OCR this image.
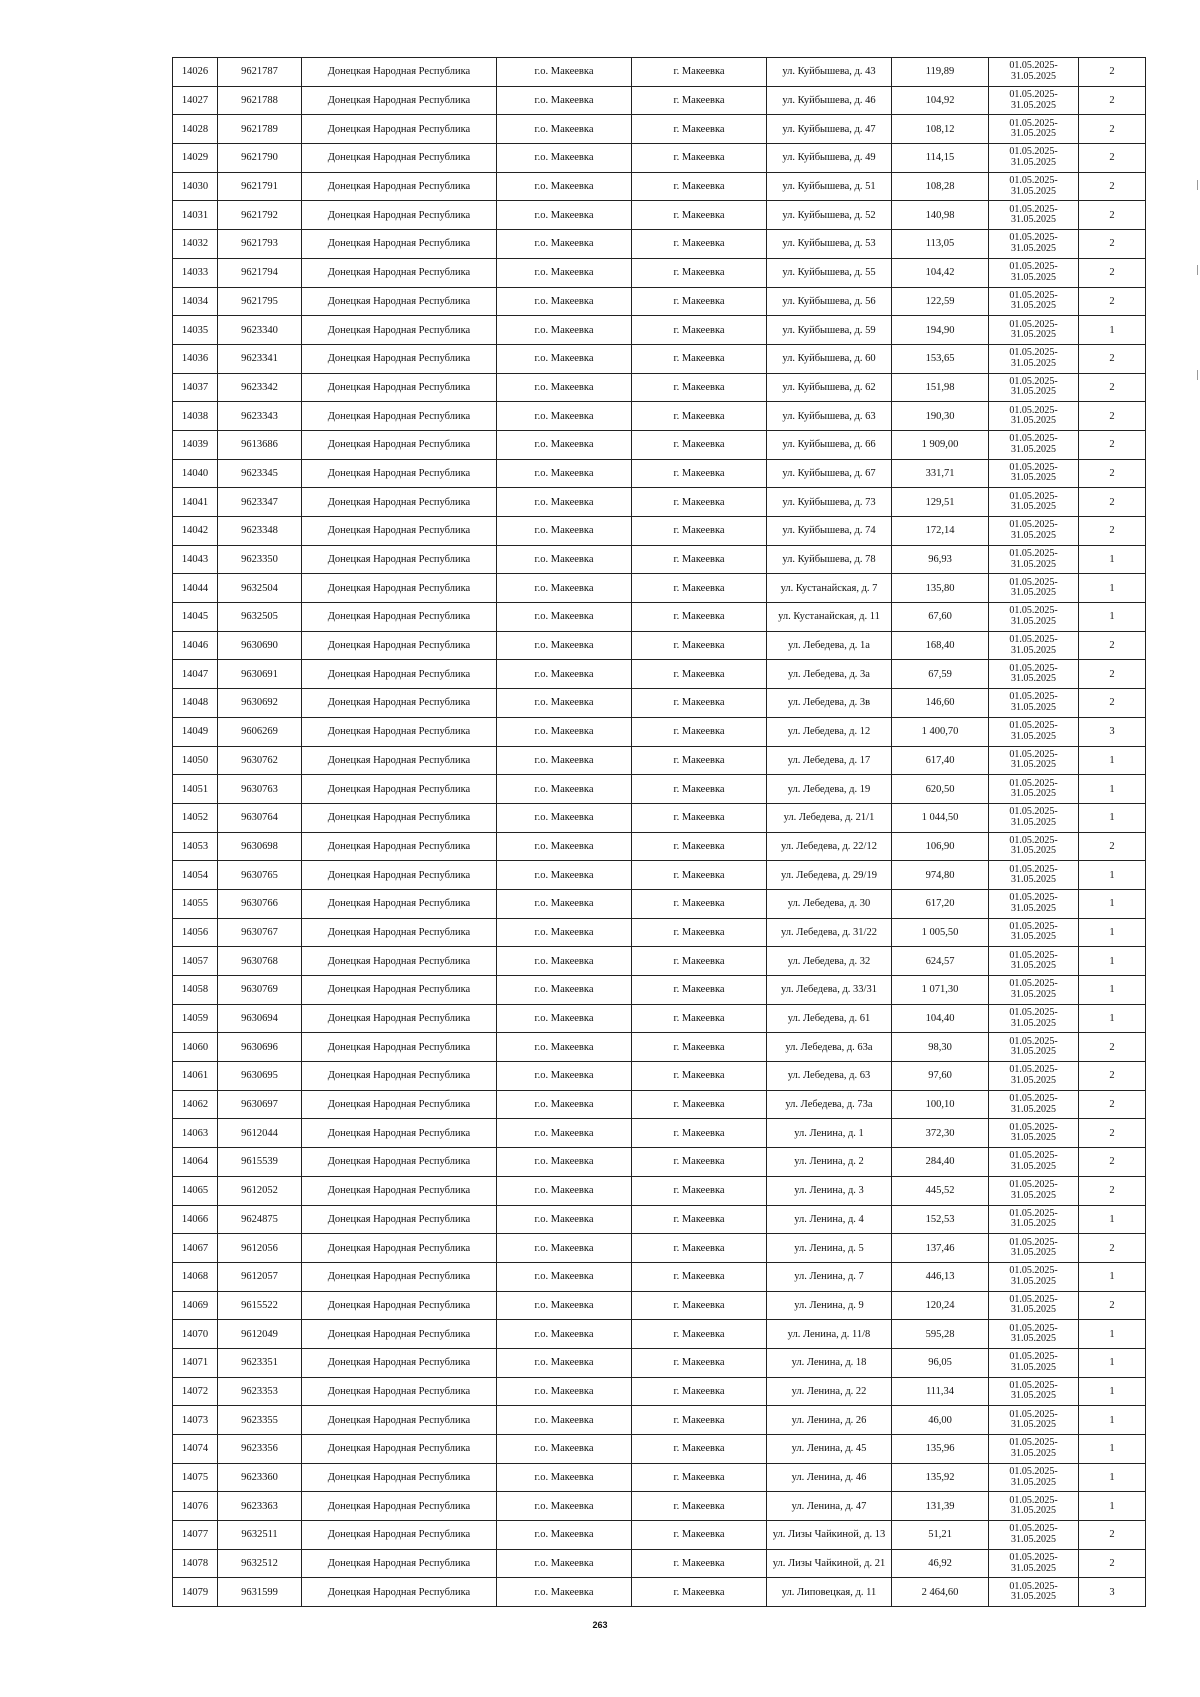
14026	9621787	Донецкая Народная Республика	г.о. Макеевка	г. Макеевка	ул. Куйбышева, д. 43	119,89	01.05.2025-
31.05.2025	2
14027	9621788	Донецкая Народная Республика	г.о. Макеевка	г. Макеевка	ул. Куйбышева, д. 46	104,92	01.05.2025-
31.05.2025	2
14028	9621789	Донецкая Народная Республика	г.о. Макеевка	г. Макеевка	ул. Куйбышева, д. 47	108,12	01.05.2025-
31.05.2025	2
14029	9621790	Донецкая Народная Республика	г.о. Макеевка	г. Макеевка	ул. Куйбышева, д. 49	114,15	01.05.2025-
31.05.2025	2
14030	9621791	Донецкая Народная Республика	г.о. Макеевка	г. Макеевка	ул. Куйбышева, д. 51	108,28	01.05.2025-
31.05.2025	2
14031	9621792	Донецкая Народная Республика	г.о. Макеевка	г. Макеевка	ул. Куйбышева, д. 52	140,98	01.05.2025-
31.05.2025	2
14032	9621793	Донецкая Народная Республика	г.о. Макеевка	г. Макеевка	ул. Куйбышева, д. 53	113,05	01.05.2025-
31.05.2025	2
14033	9621794	Донецкая Народная Республика	г.о. Макеевка	г. Макеевка	ул. Куйбышева, д. 55	104,42	01.05.2025-
31.05.2025	2
14034	9621795	Донецкая Народная Республика	г.о. Макеевка	г. Макеевка	ул. Куйбышева, д. 56	122,59	01.05.2025-
31.05.2025	2
14035	9623340	Донецкая Народная Республика	г.о. Макеевка	г. Макеевка	ул. Куйбышева, д. 59	194,90	01.05.2025-
31.05.2025	1
14036	9623341	Донецкая Народная Республика	г.о. Макеевка	г. Макеевка	ул. Куйбышева, д. 60	153,65	01.05.2025-
31.05.2025	2
14037	9623342	Донецкая Народная Республика	г.о. Макеевка	г. Макеевка	ул. Куйбышева, д. 62	151,98	01.05.2025-
31.05.2025	2
14038	9623343	Донецкая Народная Республика	г.о. Макеевка	г. Макеевка	ул. Куйбышева, д. 63	190,30	01.05.2025-
31.05.2025	2
14039	9613686	Донецкая Народная Республика	г.о. Макеевка	г. Макеевка	ул. Куйбышева, д. 66	1 909,00	01.05.2025-
31.05.2025	2
14040	9623345	Донецкая Народная Республика	г.о. Макеевка	г. Макеевка	ул. Куйбышева, д. 67	331,71	01.05.2025-
31.05.2025	2
14041	9623347	Донецкая Народная Республика	г.о. Макеевка	г. Макеевка	ул. Куйбышева, д. 73	129,51	01.05.2025-
31.05.2025	2
14042	9623348	Донецкая Народная Республика	г.о. Макеевка	г. Макеевка	ул. Куйбышева, д. 74	172,14	01.05.2025-
31.05.2025	2
14043	9623350	Донецкая Народная Республика	г.о. Макеевка	г. Макеевка	ул. Куйбышева, д. 78	96,93	01.05.2025-
31.05.2025	1
14044	9632504	Донецкая Народная Республика	г.о. Макеевка	г. Макеевка	ул. Кустанайская, д. 7	135,80	01.05.2025-
31.05.2025	1
14045	9632505	Донецкая Народная Республика	г.о. Макеевка	г. Макеевка	ул. Кустанайская, д. 11	67,60	01.05.2025-
31.05.2025	1
14046	9630690	Донецкая Народная Республика	г.о. Макеевка	г. Макеевка	ул. Лебедева, д. 1а	168,40	01.05.2025-
31.05.2025	2
14047	9630691	Донецкая Народная Республика	г.о. Макеевка	г. Макеевка	ул. Лебедева, д. 3а	67,59	01.05.2025-
31.05.2025	2
14048	9630692	Донецкая Народная Республика	г.о. Макеевка	г. Макеевка	ул. Лебедева, д. 3в	146,60	01.05.2025-
31.05.2025	2
14049	9606269	Донецкая Народная Республика	г.о. Макеевка	г. Макеевка	ул. Лебедева, д. 12	1 400,70	01.05.2025-
31.05.2025	3
14050	9630762	Донецкая Народная Республика	г.о. Макеевка	г. Макеевка	ул. Лебедева, д. 17	617,40	01.05.2025-
31.05.2025	1
14051	9630763	Донецкая Народная Республика	г.о. Макеевка	г. Макеевка	ул. Лебедева, д. 19	620,50	01.05.2025-
31.05.2025	1
14052	9630764	Донецкая Народная Республика	г.о. Макеевка	г. Макеевка	ул. Лебедева, д. 21/1	1 044,50	01.05.2025-
31.05.2025	1
14053	9630698	Донецкая Народная Республика	г.о. Макеевка	г. Макеевка	ул. Лебедева, д. 22/12	106,90	01.05.2025-
31.05.2025	2
14054	9630765	Донецкая Народная Республика	г.о. Макеевка	г. Макеевка	ул. Лебедева, д. 29/19	974,80	01.05.2025-
31.05.2025	1
14055	9630766	Донецкая Народная Республика	г.о. Макеевка	г. Макеевка	ул. Лебедева, д. 30	617,20	01.05.2025-
31.05.2025	1
14056	9630767	Донецкая Народная Республика	г.о. Макеевка	г. Макеевка	ул. Лебедева, д. 31/22	1 005,50	01.05.2025-
31.05.2025	1
14057	9630768	Донецкая Народная Республика	г.о. Макеевка	г. Макеевка	ул. Лебедева, д. 32	624,57	01.05.2025-
31.05.2025	1
14058	9630769	Донецкая Народная Республика	г.о. Макеевка	г. Макеевка	ул. Лебедева, д. 33/31	1 071,30	01.05.2025-
31.05.2025	1
14059	9630694	Донецкая Народная Республика	г.о. Макеевка	г. Макеевка	ул. Лебедева, д. 61	104,40	01.05.2025-
31.05.2025	1
14060	9630696	Донецкая Народная Республика	г.о. Макеевка	г. Макеевка	ул. Лебедева, д. 63а	98,30	01.05.2025-
31.05.2025	2
14061	9630695	Донецкая Народная Республика	г.о. Макеевка	г. Макеевка	ул. Лебедева, д. 63	97,60	01.05.2025-
31.05.2025	2
14062	9630697	Донецкая Народная Республика	г.о. Макеевка	г. Макеевка	ул. Лебедева, д. 73а	100,10	01.05.2025-
31.05.2025	2
14063	9612044	Донецкая Народная Республика	г.о. Макеевка	г. Макеевка	ул. Ленина, д. 1	372,30	01.05.2025-
31.05.2025	2
14064	9615539	Донецкая Народная Республика	г.о. Макеевка	г. Макеевка	ул. Ленина, д. 2	284,40	01.05.2025-
31.05.2025	2
14065	9612052	Донецкая Народная Республика	г.о. Макеевка	г. Макеевка	ул. Ленина, д. 3	445,52	01.05.2025-
31.05.2025	2
14066	9624875	Донецкая Народная Республика	г.о. Макеевка	г. Макеевка	ул. Ленина, д. 4	152,53	01.05.2025-
31.05.2025	1
14067	9612056	Донецкая Народная Республика	г.о. Макеевка	г. Макеевка	ул. Ленина, д. 5	137,46	01.05.2025-
31.05.2025	2
14068	9612057	Донецкая Народная Республика	г.о. Макеевка	г. Макеевка	ул. Ленина, д. 7	446,13	01.05.2025-
31.05.2025	1
14069	9615522	Донецкая Народная Республика	г.о. Макеевка	г. Макеевка	ул. Ленина, д. 9	120,24	01.05.2025-
31.05.2025	2
14070	9612049	Донецкая Народная Республика	г.о. Макеевка	г. Макеевка	ул. Ленина, д. 11/8	595,28	01.05.2025-
31.05.2025	1
14071	9623351	Донецкая Народная Республика	г.о. Макеевка	г. Макеевка	ул. Ленина, д. 18	96,05	01.05.2025-
31.05.2025	1
14072	9623353	Донецкая Народная Республика	г.о. Макеевка	г. Макеевка	ул. Ленина, д. 22	111,34	01.05.2025-
31.05.2025	1
14073	9623355	Донецкая Народная Республика	г.о. Макеевка	г. Макеевка	ул. Ленина, д. 26	46,00	01.05.2025-
31.05.2025	1
14074	9623356	Донецкая Народная Республика	г.о. Макеевка	г. Макеевка	ул. Ленина, д. 45	135,96	01.05.2025-
31.05.2025	1
14075	9623360	Донецкая Народная Республика	г.о. Макеевка	г. Макеевка	ул. Ленина, д. 46	135,92	01.05.2025-
31.05.2025	1
14076	9623363	Донецкая Народная Республика	г.о. Макеевка	г. Макеевка	ул. Ленина, д. 47	131,39	01.05.2025-
31.05.2025	1
14077	9632511	Донецкая Народная Республика	г.о. Макеевка	г. Макеевка	ул. Лизы Чайкиной, д. 13	51,21	01.05.2025-
31.05.2025	2
14078	9632512	Донецкая Народная Республика	г.о. Макеевка	г. Макеевка	ул. Лизы Чайкиной, д. 21	46,92	01.05.2025-
31.05.2025	2
14079	9631599	Донецкая Народная Республика	г.о. Макеевка	г. Макеевка	ул. Липовецкая, д. 11	2 464,60	01.05.2025-
31.05.2025	3
263
